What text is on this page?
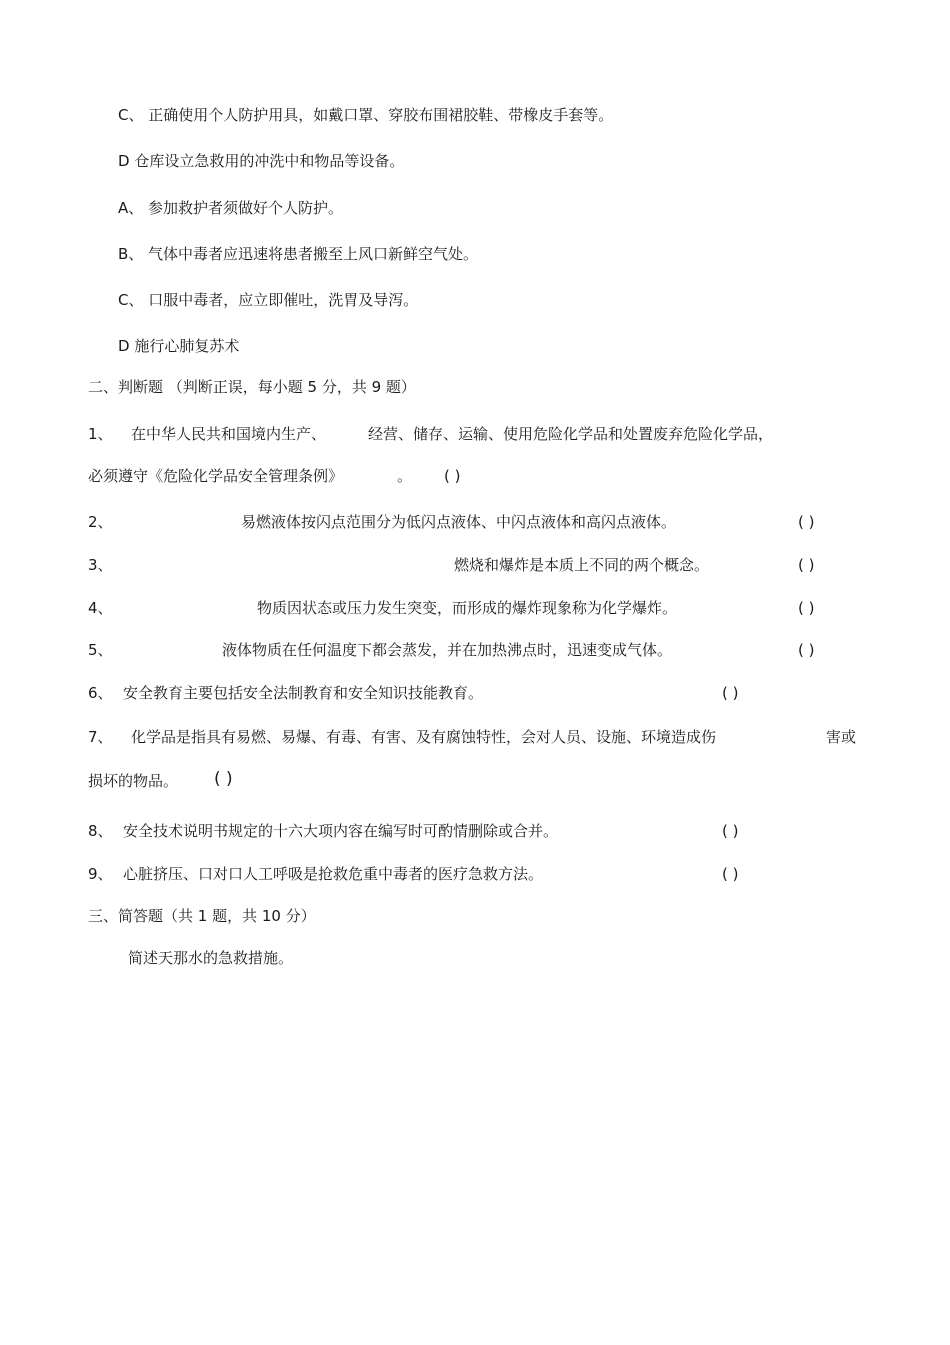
C、 正确使用个人防护用具，如戴口罩、穿胶布围裙胶鞋、带橡皮手套等。
D 仓库设立急救用的冲洗中和物品等设备。
A、 参加救护者须做好个人防护。
B、 气体中毒者应迅速将患者搬至上风口新鲜空气处。
C、 口服中毒者，应立即催吐，洗胃及导泻。
D 施行心肺复苏术
二、判断题 （判断正误，每小题 5 分，共 9 题）
1、 在中华人民共和国境内生产、	经营、储存、运输、使用危险化学品和处置废弃危险化学品，
必须遵守《危险化学品安全管理条例》	。 ( )
2、	易燃液体按闪点范围分为低闪点液体、中闪点液体和高闪点液体。	( )
3、	燃烧和爆炸是本质上不同的两个概念。	( )
4、	物质因状态或压力发生突变，而形成的爆炸现象称为化学爆炸。	( )
5、	液体物质在任何温度下都会蒸发，并在加热沸点时，迅速变成气体。	( )
6、 安全教育主要包括安全法制教育和安全知识技能教育。	( )
7、 化学品是指具有易燃、易爆、有毒、有害、及有腐蚀特性，会对人员、设施、环境造成伤	害或
损坏的物品。 ( )
8、 安全技术说明书规定的十六大项内容在编写时可酌情删除或合并。	( )
9、 心脏挤压、口对口人工呼吸是抢救危重中毒者的医疗急救方法。	( )
三、简答题（共 1 题，共 10 分）
简述天那水的急救措施。
